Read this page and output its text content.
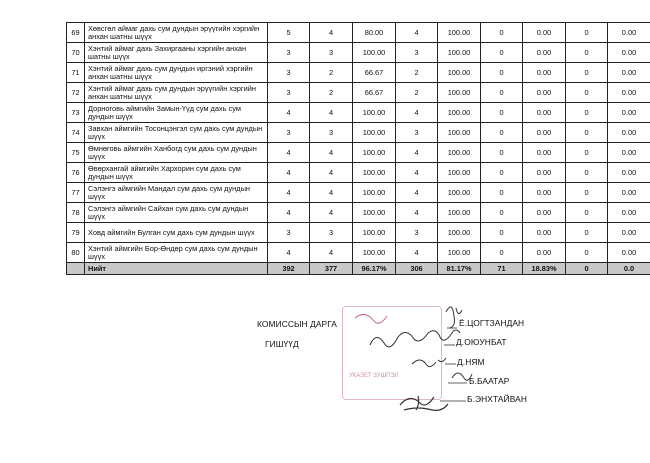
69	Хөвсгөл аймаг дахь сум дундын эрүүгийн хэргийн анхан шатны шүүх	5	4	80.00	4	100.00	0	0.00	0	0.00
70	Хэнтий аймаг дахь Захиргааны хэргийн анхан шатны шүүх	3	3	100.00	3	100.00	0	0.00	0	0.00
71	Хэнтий аймаг дахь сум дундын иргэний хэргийн анхан шатны шүүх	3	2	66.67	2	100.00	0	0.00	0	0.00
72	Хэнтий аймаг дахь сум дундын эрүүгийн хэргийн анхан шатны шүүх	3	2	66.67	2	100.00	0	0.00	0	0.00
73	Дорноговь аймгийн Замын-Үүд сум дахь сум дундын шүүх	4	4	100.00	4	100.00	0	0.00	0	0.00
74	Завхан аймгийн Тосонцэнгэл сум дахь сум дундын шүүх	3	3	100.00	3	100.00	0	0.00	0	0.00
75	Өмнөговь аймгийн Ханбогд сум дахь сум дундын шүүх	4	4	100.00	4	100.00	0	0.00	0	0.00
76	Өвөрхангай аймгийн Хархорин сум дахь сум дундын шүүх	4	4	100.00	4	100.00	0	0.00	0	0.00
77	Сэлэнгэ аймгийн Мандал сум дахь сум дундын шүүх	4	4	100.00	4	100.00	0	0.00	0	0.00
78	Сэлэнгэ аймгийн Сайхан сум дахь сум дундын шүүх	4	4	100.00	4	100.00	0	0.00	0	0.00
79	Ховд аймгийн Булган сум дахь сум дундын шүүх	3	3	100.00	3	100.00	0	0.00	0	0.00
80	Хэнтий аймгийн Бор-Өндөр сум дахь сум дундын шүүх	4	4	100.00	4	100.00	0	0.00	0	0.00
	Нийт	392	377	96.17%	306	81.17%	71	18.83%	0	0.0
УКАЗЕТ ЗУШПЭЛ
КОМИССЫН ДАРГА
ГИШҮҮД
Ё.ЦОГТЗАНДАН
Д.ОЮУНБАТ
Д.НЯМ
Б.БААТАР
Б.ЭНХТАЙВАН
